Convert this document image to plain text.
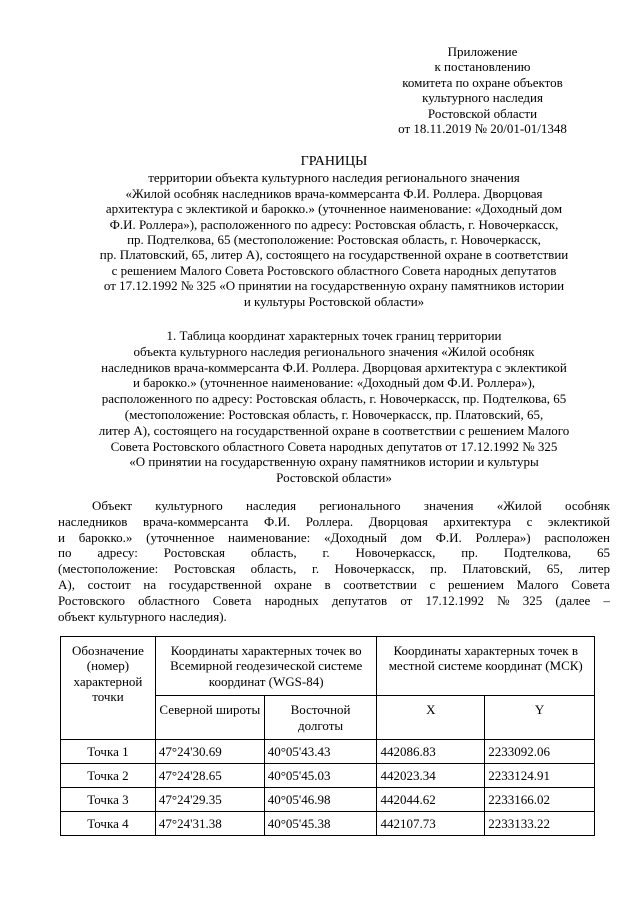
Приложение
к постановлению
комитета по охране объектов
культурного наследия
Ростовской области
от 18.11.2019 № 20/01-01/1348
ГРАНИЦЫ
территории объекта культурного наследия регионального значения
«Жилой особняк наследников врача-коммерсанта Ф.И. Роллера. Дворцовая
архитектура с эклектикой и барокко.» (уточненное наименование: «Доходный дом
Ф.И. Роллера»), расположенного по адресу: Ростовская область, г. Новочеркасск,
пр. Подтелкова, 65 (местоположение: Ростовская область, г. Новочеркасск,
пр. Платовский, 65, литер А), состоящего на государственной охране в соответствии
с решением Малого Совета Ростовского областного Совета народных депутатов
от 17.12.1992 № 325 «О принятии на государственную охрану памятников истории
и культуры Ростовской области»
1. Таблица координат характерных точек границ территории
объекта культурного наследия регионального значения «Жилой особняк
наследников врача-коммерсанта Ф.И. Роллера. Дворцовая архитектура с эклектикой
и барокко.» (уточненное наименование: «Доходный дом Ф.И. Роллера»),
расположенного по адресу: Ростовская область, г. Новочеркасск, пр. Подтелкова, 65
(местоположение: Ростовская область, г. Новочеркасск, пр. Платовский, 65,
литер А), состоящего на государственной охране в соответствии с решением Малого
Совета Ростовского областного Совета народных депутатов от 17.12.1992 № 325
«О принятии на государственную охрану памятников истории и культуры
Ростовской области»
Объект культурного наследия регионального значения «Жилой особняк
наследников врача-коммерсанта Ф.И. Роллера. Дворцовая архитектура с эклектикой
и барокко.» (уточненное наименование: «Доходный дом Ф.И. Роллера») расположен
по адресу: Ростовская область, г. Новочеркасск, пр. Подтелкова, 65
(местоположение: Ростовская область, г. Новочеркасск, пр. Платовский, 65, литер
А), состоит на государственной охране в соответствии с решением Малого Совета
Ростовского областного Совета народных депутатов от 17.12.1992 № 325 (далее –
объект культурного наследия).
Обозначение (номер) характерной точки	Координаты характерных точек во Всемирной геодезической системе координат (WGS-84)		Координаты характерных точек в местной системе координат (МСК)	
	Северной широты	Восточной долготы	X	Y
Точка 1	47°24'30.69	40°05'43.43	442086.83	2233092.06
Точка 2	47°24'28.65	40°05'45.03	442023.34	2233124.91
Точка 3	47°24'29.35	40°05'46.98	442044.62	2233166.02
Точка 4	47°24'31.38	40°05'45.38	442107.73	2233133.22
